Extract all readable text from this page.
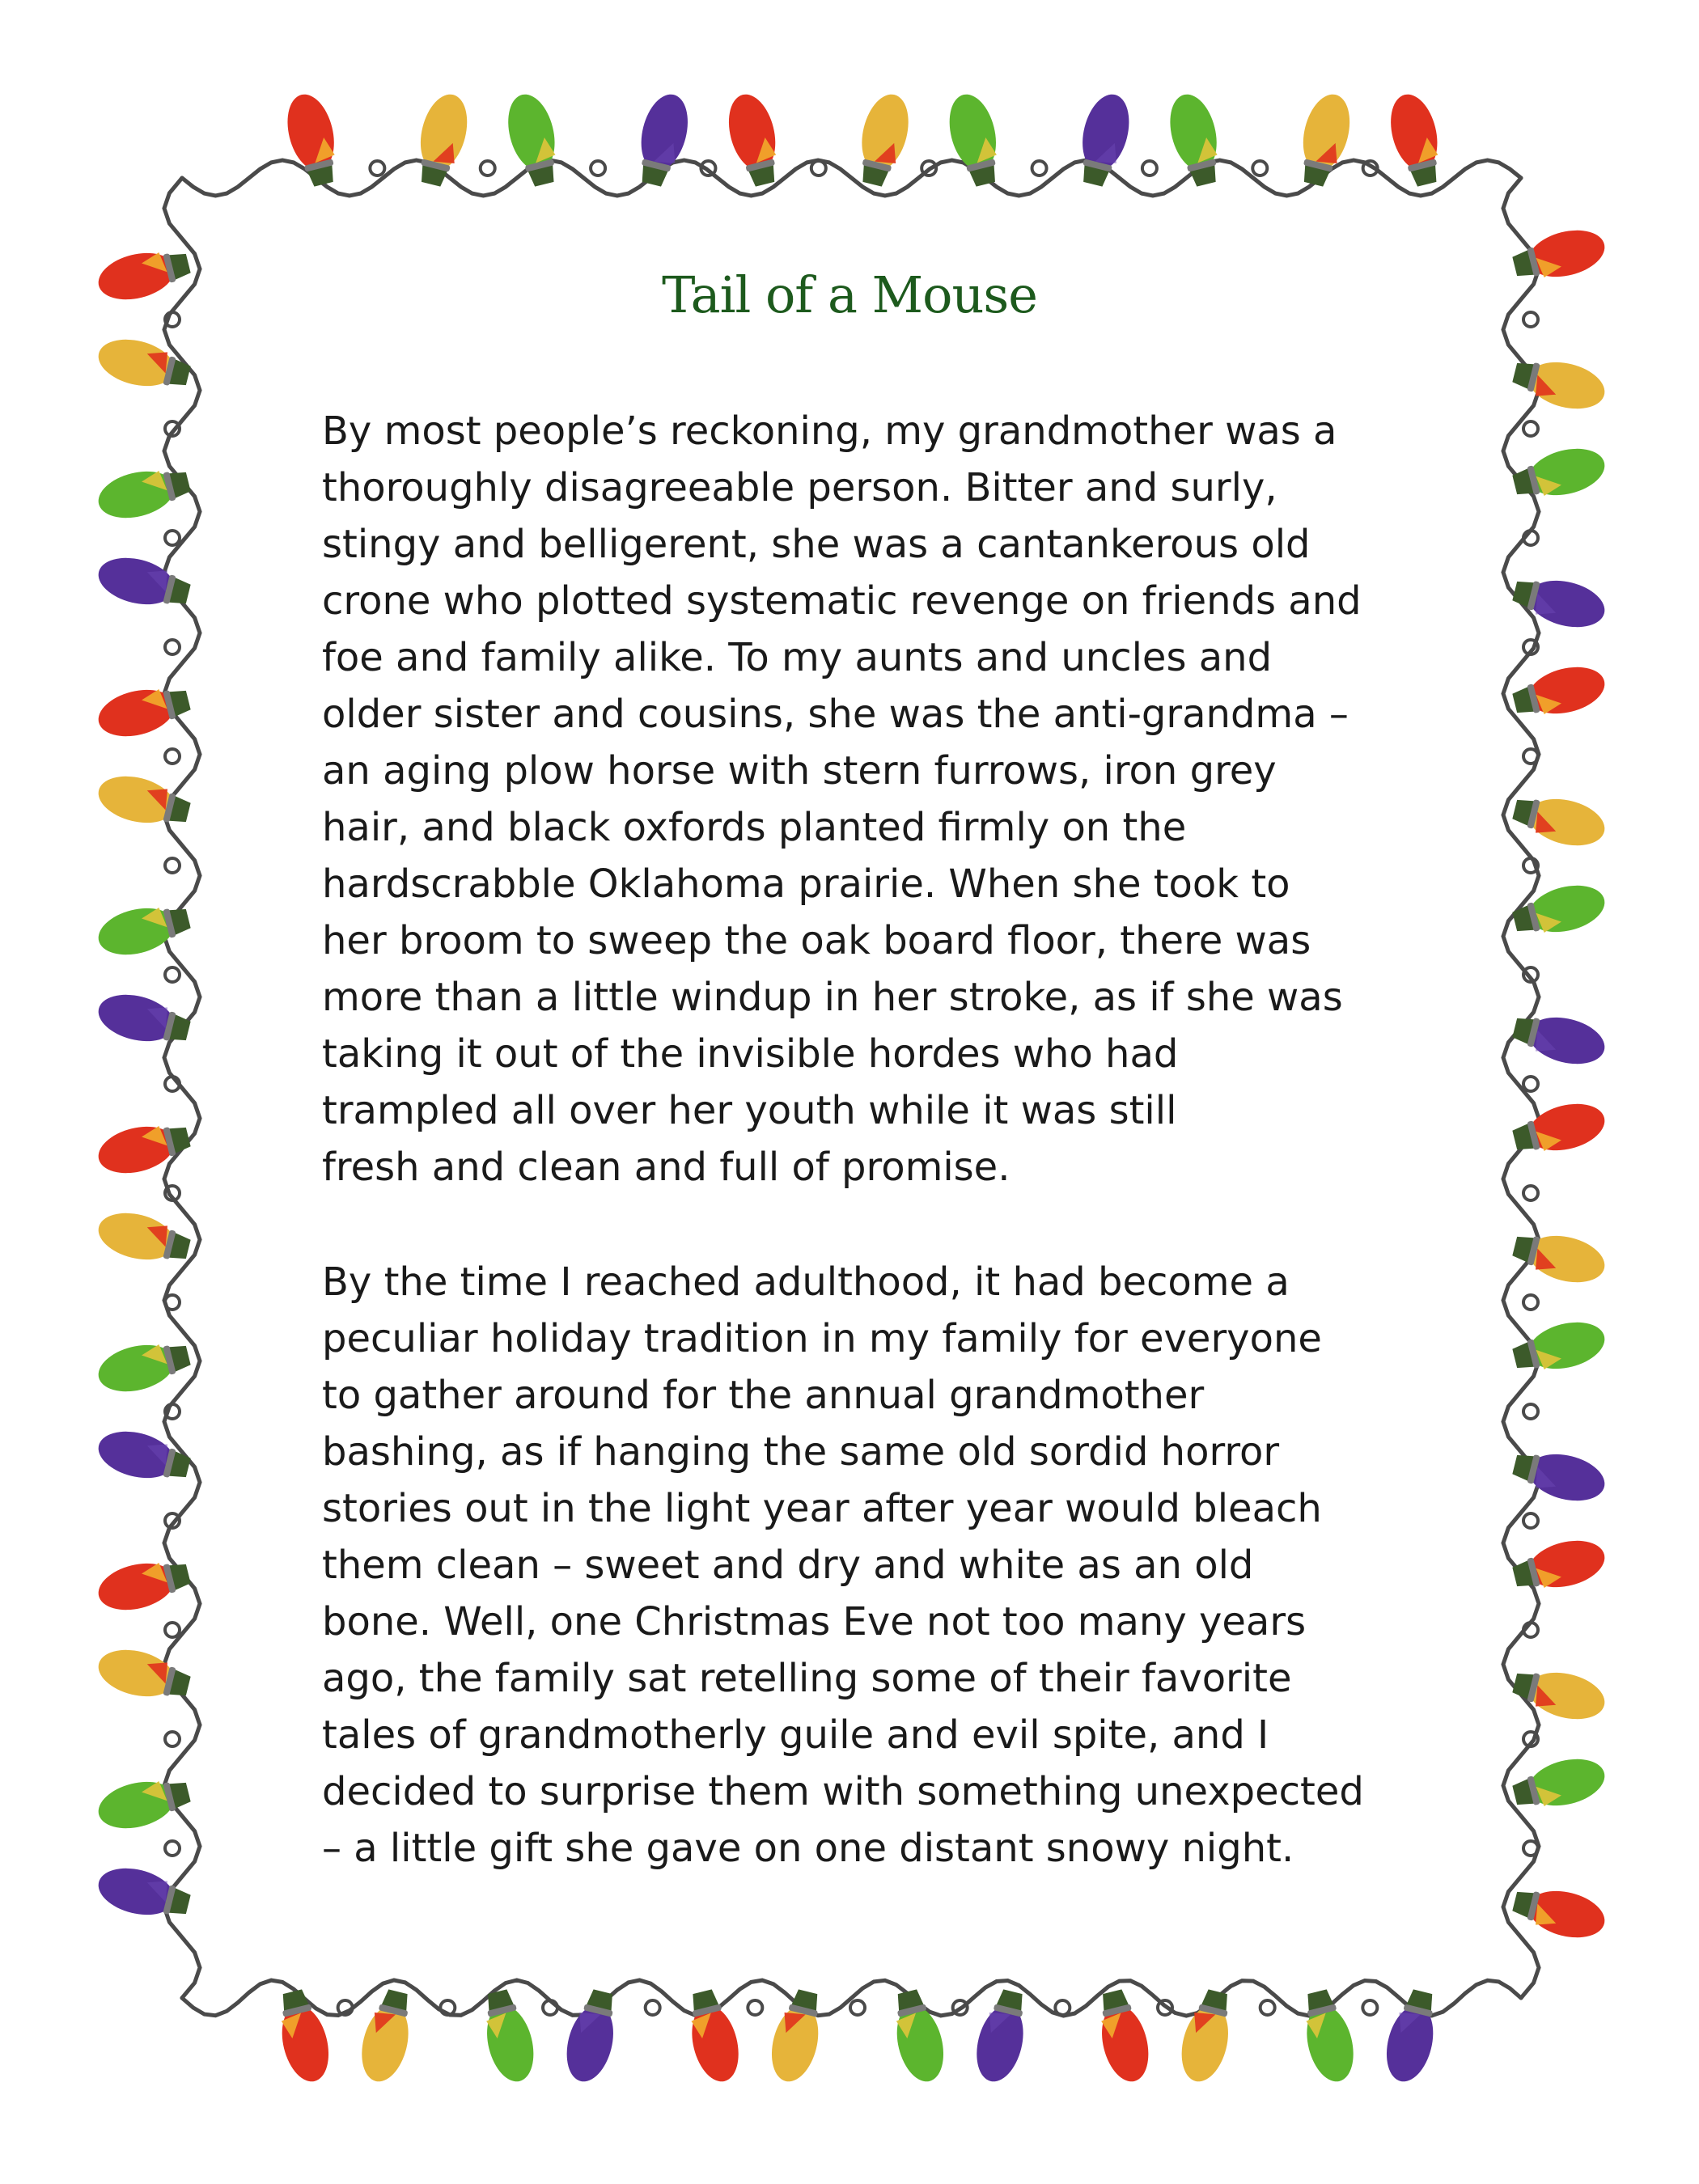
Tail of a Mouse

By most people’s reckoning, my grandmother was a
thoroughly disagreeable person. Bitter and surly,
stingy and belligerent, she was a cantankerous old
crone who plotted systematic revenge on friends and
foe and family alike. To my aunts and uncles and
older sister and cousins, she was the anti-grandma –
an aging plow horse with stern furrows, iron grey
hair, and black oxfords planted firmly on the
hardscrabble Oklahoma prairie. When she took to
her broom to sweep the oak board floor, there was
more than a little windup in her stroke, as if she was
taking it out of the invisible hordes who had
trampled all over her youth while it was still
fresh and clean and full of promise.

By the time I reached adulthood, it had become a
peculiar holiday tradition in my family for everyone
to gather around for the annual grandmother
bashing, as if hanging the same old sordid horror
stories out in the light year after year would bleach
them clean – sweet and dry and white as an old
bone. Well, one Christmas Eve not too many years
ago, the family sat retelling some of their favorite
tales of grandmotherly guile and evil spite, and I
decided to surprise them with something unexpected
– a little gift she gave on one distant snowy night.
